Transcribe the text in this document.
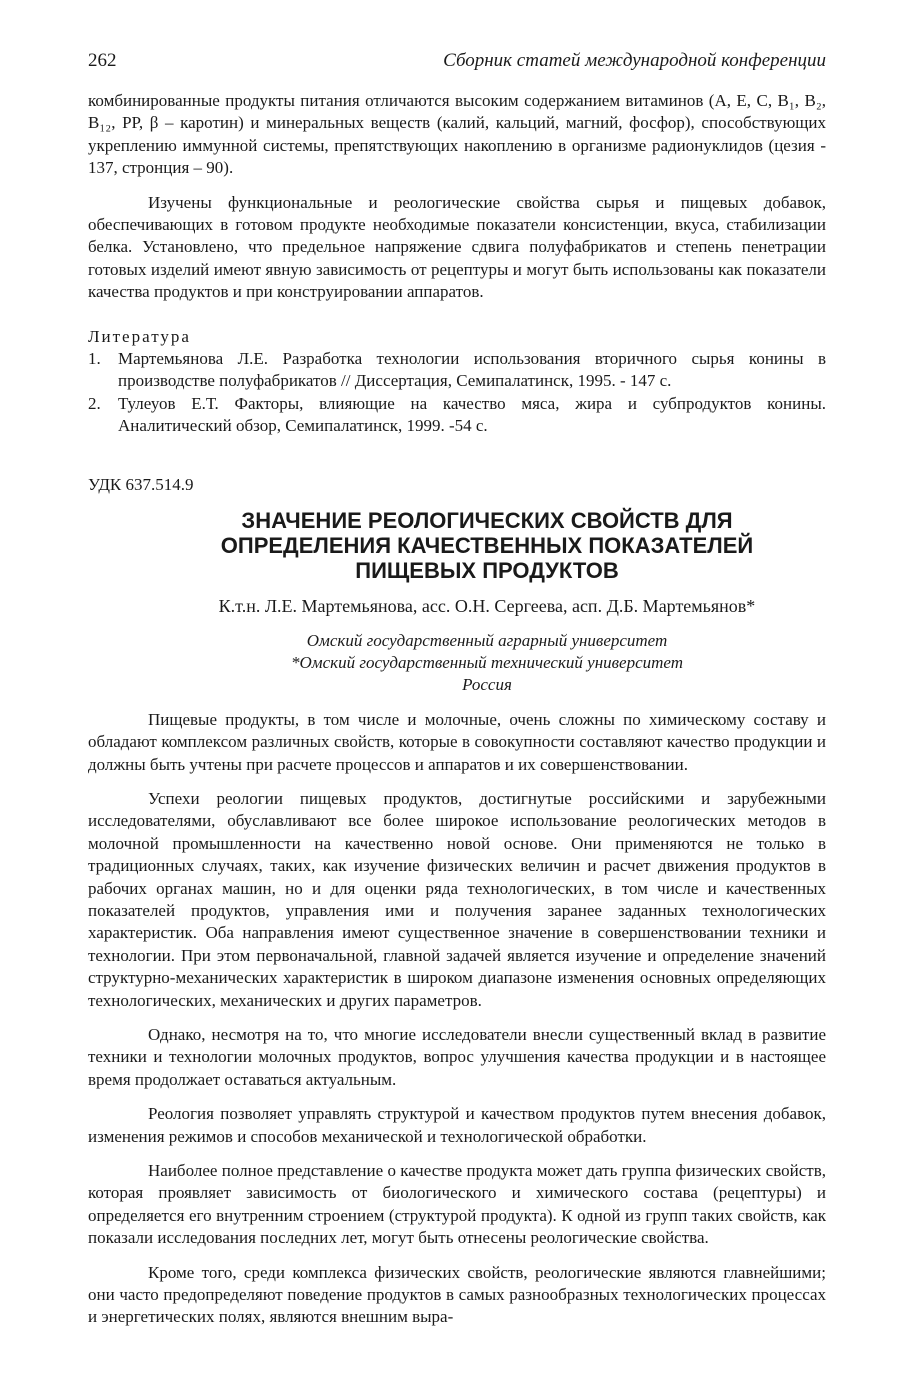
262	Сборник статей международной конференции

комбинированные продукты питания отличаются высоким содержанием витаминов (А, Е, С, В₁, В₂, В₁₂, РР, β – каротин) и минеральных веществ (калий, кальций, магний, фосфор), способствующих укреплению иммунной системы, препятствующих накоплению в организме радионуклидов (цезия - 137, стронция – 90).

Изучены функциональные и реологические свойства сырья и пищевых добавок, обеспечивающих в готовом продукте необходимые показатели консистенции, вкуса, стабилизации белка. Установлено, что предельное напряжение сдвига полуфабрикатов и степень пенетрации готовых изделий имеют явную зависимость от рецептуры и могут быть использованы как показатели качества продуктов и при конструировании аппаратов.

Литература

1.	Мартемьянова Л.Е. Разработка технологии использования вторичного сырья конины в производстве полуфабрикатов // Диссертация, Семипалатинск, 1995. - 147 с.
2.	Тулеуов Е.Т. Факторы, влияющие на качество мяса, жира и субпродуктов конины. Аналитический обзор, Семипалатинск, 1999. -54 с.

УДК 637.514.9

ЗНАЧЕНИЕ РЕОЛОГИЧЕСКИХ СВОЙСТВ ДЛЯ

ОПРЕДЕЛЕНИЯ КАЧЕСТВЕННЫХ ПОКАЗАТЕЛЕЙ

ПИЩЕВЫХ ПРОДУКТОВ

К.т.н. Л.Е. Мартемьянова, асс. О.Н. Сергеева, асп. Д.Б. Мартемьянов*

Омский государственный аграрный университет

*Омский государственный технический университет

Россия

Пищевые продукты, в том числе и молочные, очень сложны по химическому составу и обладают комплексом различных свойств, которые в совокупности составляют качество продукции и должны быть учтены при расчете процессов и аппаратов и их совершенствовании.

Успехи реологии пищевых продуктов, достигнутые российскими и зарубежными исследователями, обуславливают все более широкое использование реологических методов в молочной промышленности на качественно новой основе. Они применяются не только в традиционных случаях, таких, как изучение физических величин и расчет движения продуктов в рабочих органах машин, но и для оценки ряда технологических, в том числе и качественных показателей продуктов, управления ими и получения заранее заданных технологических характеристик. Оба направления имеют существенное значение в совершенствовании техники и технологии. При этом первоначальной, главной задачей является изучение и определение значений структурно-механических характеристик в широком диапазоне изменения основных определяющих технологических, механических и других параметров.

Однако, несмотря на то, что многие исследователи внесли существенный вклад в развитие техники и технологии молочных продуктов, вопрос улучшения качества продукции и в настоящее время продолжает оставаться актуальным.

Реология позволяет управлять структурой и качеством продуктов путем внесения добавок, изменения режимов и способов механической и технологической обработки.

Наиболее полное представление о качестве продукта может дать группа физических свойств, которая проявляет зависимость от биологического и химического состава (рецептуры) и определяется его внутренним строением (структурой продукта). К одной из групп таких свойств, как показали исследования последних лет, могут быть отнесены реологические свойства.

Кроме того, среди комплекса физических свойств, реологические являются главнейшими; они часто предопределяют поведение продуктов в самых разнообразных технологических процессах и энергетических полях, являются внешним выра-
